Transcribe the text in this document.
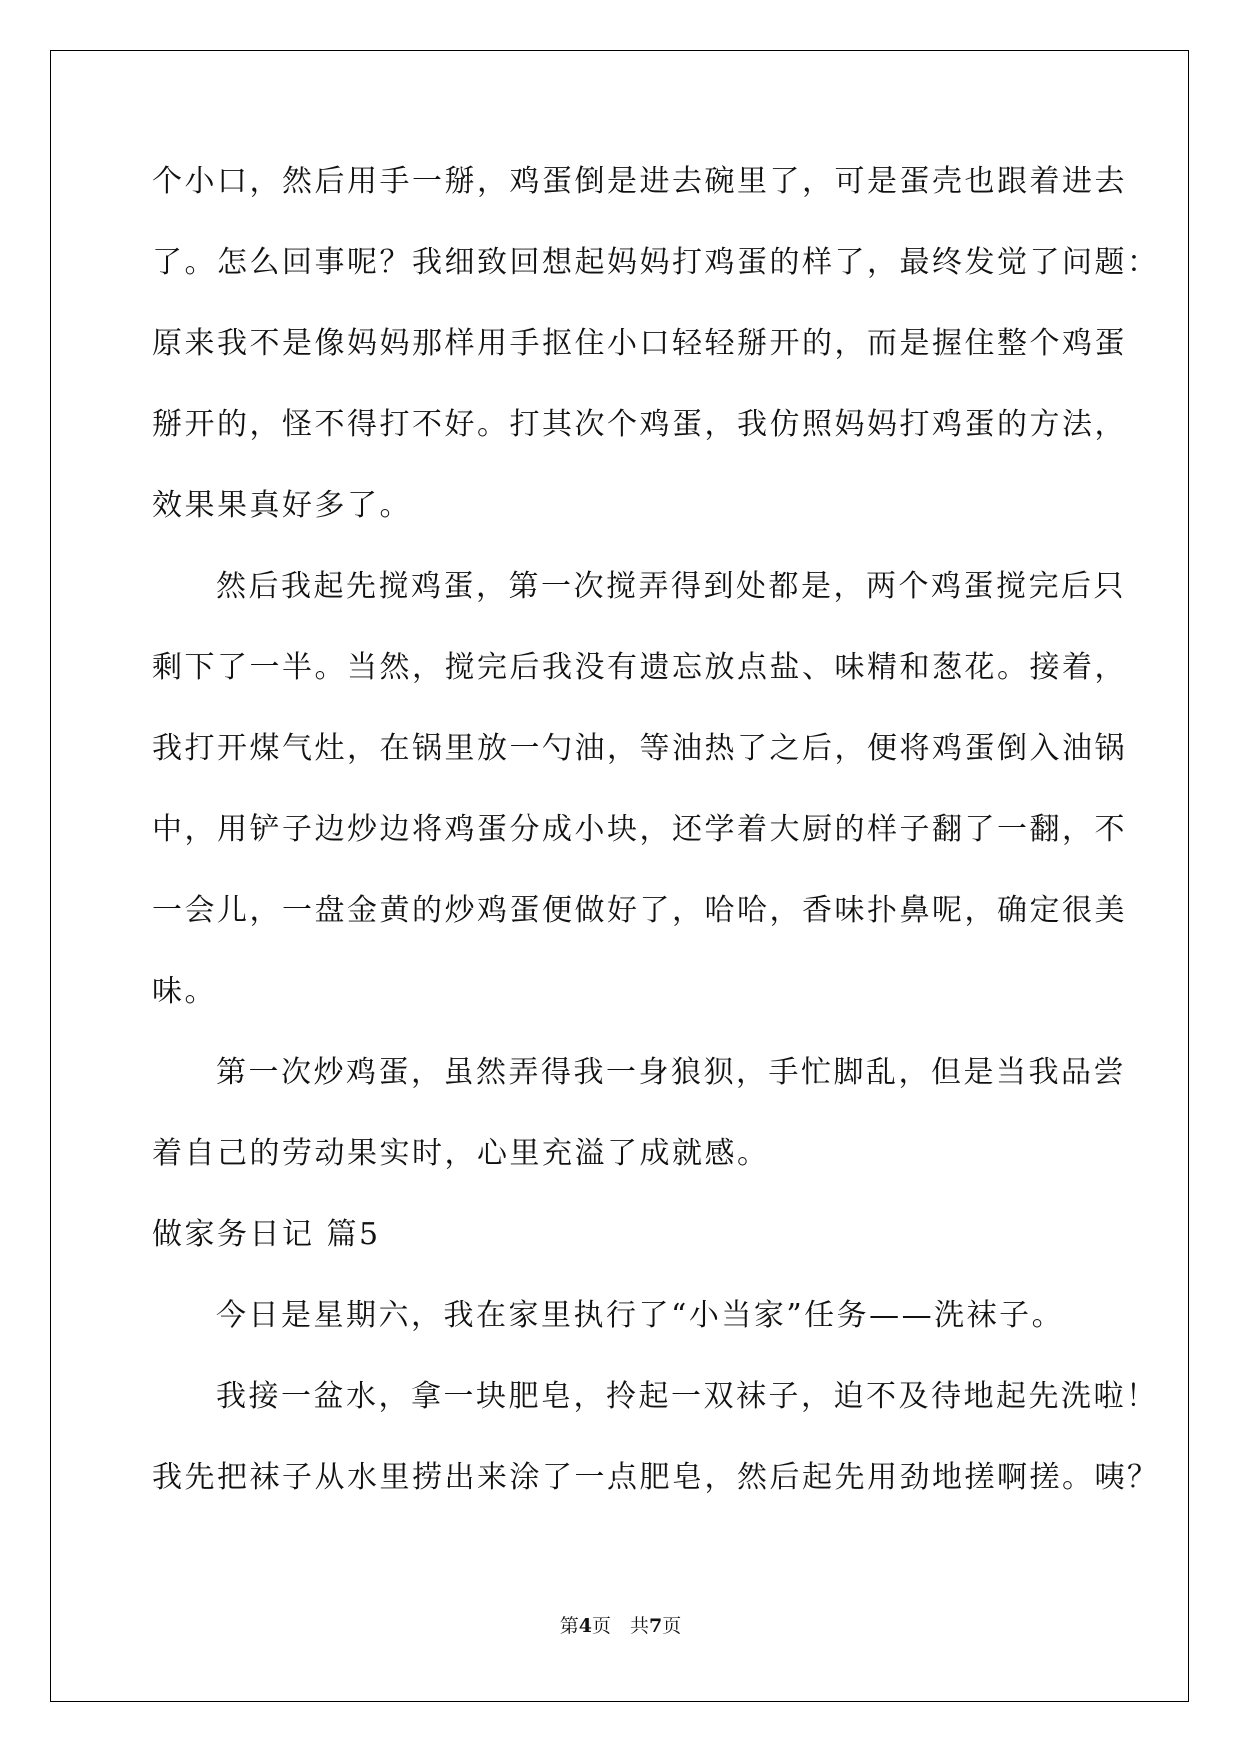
个小口，然后用手一掰，鸡蛋倒是进去碗里了，可是蛋壳也跟着进去
了。怎么回事呢？我细致回想起妈妈打鸡蛋的样了，最终发觉了问题：
原来我不是像妈妈那样用手抠住小口轻轻掰开的，而是握住整个鸡蛋
掰开的，怪不得打不好。打其次个鸡蛋，我仿照妈妈打鸡蛋的方法，
效果果真好多了。
然后我起先搅鸡蛋，第一次搅弄得到处都是，两个鸡蛋搅完后只
剩下了一半。当然，搅完后我没有遗忘放点盐、味精和葱花。接着，
我打开煤气灶，在锅里放一勺油，等油热了之后，便将鸡蛋倒入油锅
中，用铲子边炒边将鸡蛋分成小块，还学着大厨的样子翻了一翻，不
一会儿，一盘金黄的炒鸡蛋便做好了，哈哈，香味扑鼻呢，确定很美
味。
第一次炒鸡蛋，虽然弄得我一身狼狈，手忙脚乱，但是当我品尝
着自己的劳动果实时，心里充溢了成就感。
做家务日记 篇5
今日是星期六，我在家里执行了“小当家”任务——洗袜子。
我接一盆水，拿一块肥皂，拎起一双袜子，迫不及待地起先洗啦！
我先把袜子从水里捞出来涂了一点肥皂，然后起先用劲地搓啊搓。咦？
第4页　共7页
